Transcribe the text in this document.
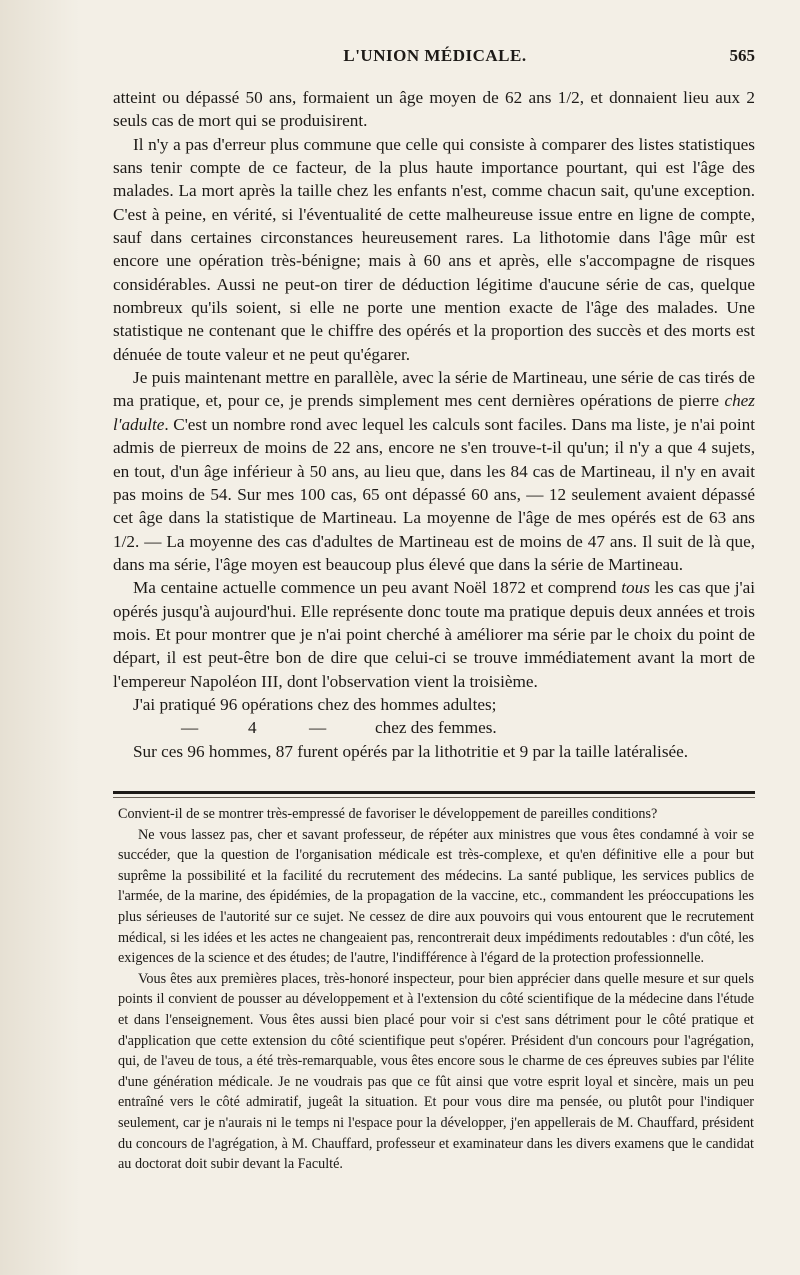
L'UNION MÉDICALE.	565

atteint ou dépassé 50 ans, formaient un âge moyen de 62 ans 1/2, et donnaient lieu aux 2 seuls cas de mort qui se produisirent.

Il n'y a pas d'erreur plus commune que celle qui consiste à comparer des listes statistiques sans tenir compte de ce facteur, de la plus haute importance pourtant, qui est l'âge des malades. La mort après la taille chez les enfants n'est, comme chacun sait, qu'une exception. C'est à peine, en vérité, si l'éventualité de cette malheureuse issue entre en ligne de compte, sauf dans certaines circonstances heureusement rares. La lithotomie dans l'âge mûr est encore une opération très-bénigne; mais à 60 ans et après, elle s'accompagne de risques considérables. Aussi ne peut-on tirer de déduction légitime d'aucune série de cas, quelque nombreux qu'ils soient, si elle ne porte une mention exacte de l'âge des malades. Une statistique ne contenant que le chiffre des opérés et la proportion des succès et des morts est dénuée de toute valeur et ne peut qu'égarer.

Je puis maintenant mettre en parallèle, avec la série de Martineau, une série de cas tirés de ma pratique, et, pour ce, je prends simplement mes cent dernières opérations de pierre chez l'adulte. C'est un nombre rond avec lequel les calculs sont faciles. Dans ma liste, je n'ai point admis de pierreux de moins de 22 ans, encore ne s'en trouve-t-il qu'un; il n'y a que 4 sujets, en tout, d'un âge inférieur à 50 ans, au lieu que, dans les 84 cas de Martineau, il n'y en avait pas moins de 54. Sur mes 100 cas, 65 ont dépassé 60 ans, — 12 seulement avaient dépassé cet âge dans la statistique de Martineau. La moyenne de l'âge de mes opérés est de 63 ans 1/2. — La moyenne des cas d'adultes de Martineau est de moins de 47 ans. Il suit de là que, dans ma série, l'âge moyen est beaucoup plus élevé que dans la série de Martineau.

Ma centaine actuelle commence un peu avant Noël 1872 et comprend tous les cas que j'ai opérés jusqu'à aujourd'hui. Elle représente donc toute ma pratique depuis deux années et trois mois. Et pour montrer que je n'ai point cherché à améliorer ma série par le choix du point de départ, il est peut-être bon de dire que celui-ci se trouve immédiatement avant la mort de l'empereur Napoléon III, dont l'observation vient la troisième.

J'ai pratiqué 96 opérations chez des hommes adultes;

—	4	—	chez des femmes.

Sur ces 96 hommes, 87 furent opérés par la lithotritie et 9 par la taille latéralisée.

Convient-il de se montrer très-empressé de favoriser le développement de pareilles conditions?

Ne vous lassez pas, cher et savant professeur, de répéter aux ministres que vous êtes condamné à voir se succéder, que la question de l'organisation médicale est très-complexe, et qu'en définitive elle a pour but suprême la possibilité et la facilité du recrutement des médecins. La santé publique, les services publics de l'armée, de la marine, des épidémies, de la propagation de la vaccine, etc., commandent les préoccupations les plus sérieuses de l'autorité sur ce sujet. Ne cessez de dire aux pouvoirs qui vous entourent que le recrutement médical, si les idées et les actes ne changeaient pas, rencontrerait deux impédiments redoutables : d'un côté, les exigences de la science et des études; de l'autre, l'indifférence à l'égard de la protection professionnelle.

Vous êtes aux premières places, très-honoré inspecteur, pour bien apprécier dans quelle mesure et sur quels points il convient de pousser au développement et à l'extension du côté scientifique de la médecine dans l'étude et dans l'enseignement. Vous êtes aussi bien placé pour voir si c'est sans détriment pour le côté pratique et d'application que cette extension du côté scientifique peut s'opérer. Président d'un concours pour l'agrégation, qui, de l'aveu de tous, a été très-remarquable, vous êtes encore sous le charme de ces épreuves subies par l'élite d'une génération médicale. Je ne voudrais pas que ce fût ainsi que votre esprit loyal et sincère, mais un peu entraîné vers le côté admiratif, jugeât la situation. Et pour vous dire ma pensée, ou plutôt pour l'indiquer seulement, car je n'aurais ni le temps ni l'espace pour la développer, j'en appellerais de M. Chauffard, président du concours de l'agrégation, à M. Chauffard, professeur et examinateur dans les divers examens que le candidat au doctorat doit subir devant la Faculté.
